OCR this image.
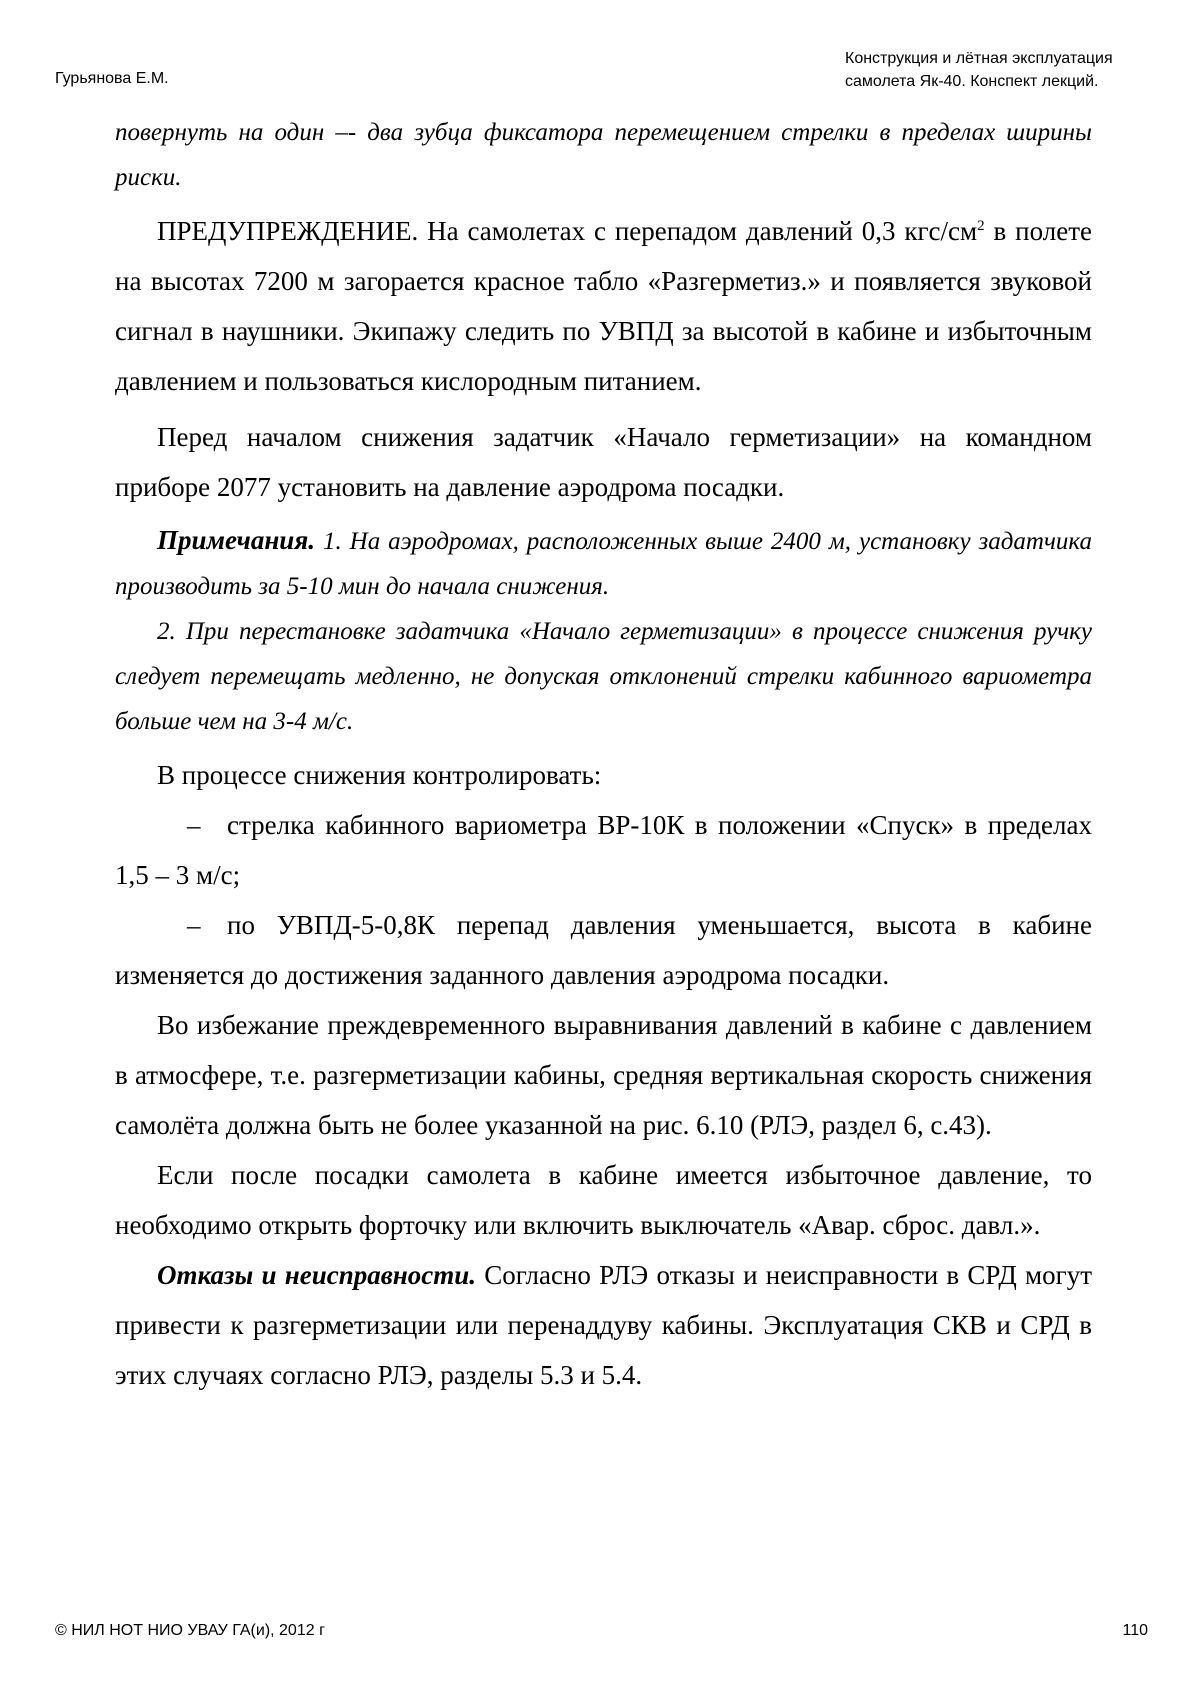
Гурьянова Е.М.
Конструкция и лётная эксплуатация
самолета Як-40. Конспект лекций.

повернуть на один –- два зубца фиксатора перемещением стрелки в пределах ширины риски.

ПРЕДУПРЕЖДЕНИЕ. На самолетах с перепадом давлений 0,3 кгс/$см^2$ в полете на высотах 7200 м загорается красное табло «Разгерметиз.» и появляется звуковой сигнал в наушники. Экипажу следить по УВПД за высотой в кабине и избыточным давлением и пользоваться кислородным питанием.

Перед началом снижения задатчик «Начало герметизации» на командном приборе 2077 установить на давление аэродрома посадки.

Примечания. 1. На аэродромах, расположенных выше 2400 м, установку задатчика производить за 5-10 мин до начала снижения.

2. При перестановке задатчика «Начало герметизации» в процессе снижения ручку следует перемещать медленно, не допуская отклонений стрелки кабинного вариометра больше чем на 3-4 м/с.

В процессе снижения контролировать:

– стрелка кабинного вариометра ВР-10К в положении «Спуск» в пределах 1,5 – 3 м/с;

– по УВПД-5-0,8К перепад давления уменьшается, высота в кабине изменяется до достижения заданного давления аэродрома посадки.

Во избежание преждевременного выравнивания давлений в кабине с давлением в атмосфере, т.е. разгерметизации кабины, средняя вертикальная скорость снижения самолёта должна быть не более указанной на рис. 6.10 (РЛЭ, раздел 6, с.43).

Если после посадки самолета в кабине имеется избыточное давление, то необходимо открыть форточку или включить выключатель «Авар. сброс. давл.».

Отказы и неисправности. Согласно РЛЭ отказы и неисправности в СРД могут привести к разгерметизации или перенаддуву кабины. Эксплуатация СКВ и СРД в этих случаях согласно РЛЭ, разделы 5.3 и 5.4.

© НИЛ НОТ НИО УВАУ ГА(и), 2012 г	110
